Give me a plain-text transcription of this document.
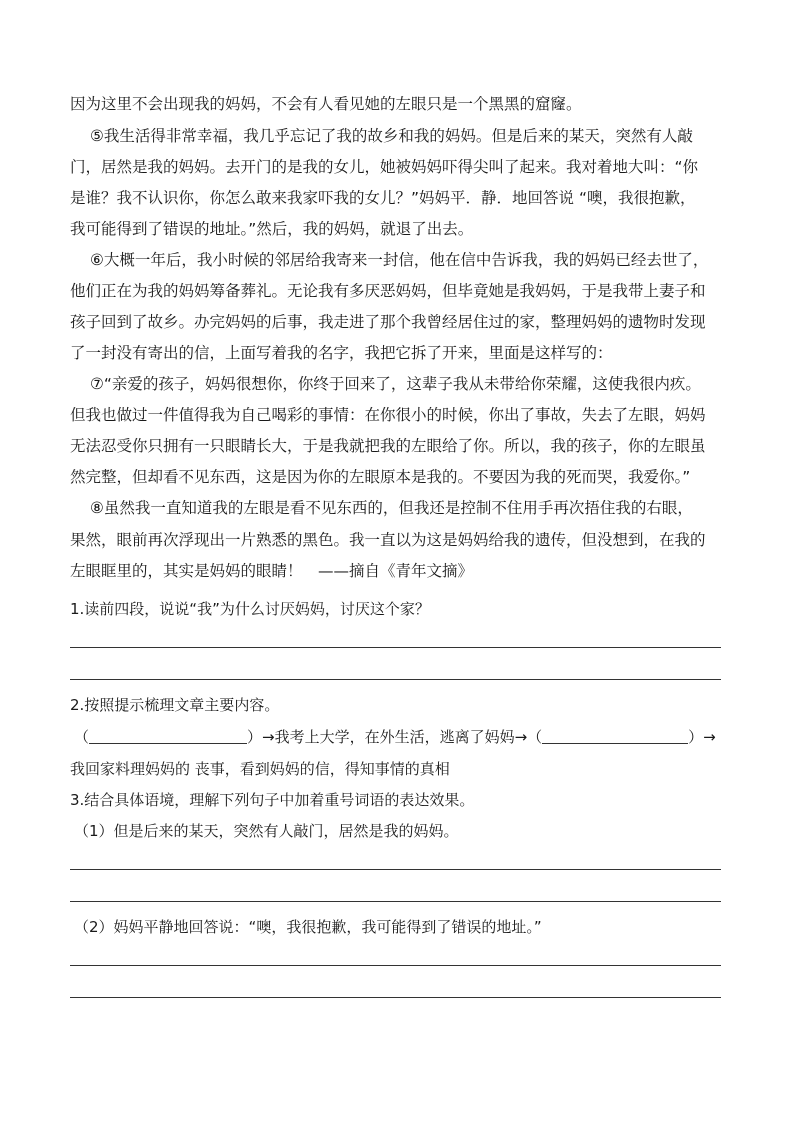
因为这里不会出现我的妈妈，不会有人看见她的左眼只是一个黑黑的窟窿。
⑤我生活得非常幸福，我几乎忘记了我的故乡和我的妈妈。但是后来的某天，突然有人敲
门，居然是我的妈妈。去开门的是我的女儿，她被妈妈吓得尖叫了起来。我对着地大叫：“你
是谁？我不认识你，你怎么敢来我家吓我的女儿？”妈妈平．静．地回答说 “噢，我很抱歉，
我可能得到了错误的地址。”然后，我的妈妈，就退了出去。
⑥大概一年后，我小时候的邻居给我寄来一封信，他在信中告诉我，我的妈妈已经去世了，
他们正在为我的妈妈筹备葬礼。无论我有多厌恶妈妈，但毕竟她是我妈妈，于是我带上妻子和
孩子回到了故乡。办完妈妈的后事，我走进了那个我曾经居住过的家，整理妈妈的遗物时发现
了一封没有寄出的信，上面写着我的名字，我把它拆了开来，里面是这样写的：
⑦“亲爱的孩子，妈妈很想你，你终于回来了，这辈子我从未带给你荣耀，这使我很内疚。
但我也做过一件值得我为自己喝彩的事情：在你很小的时候，你出了事故，失去了左眼，妈妈
无法忍受你只拥有一只眼睛长大，于是我就把我的左眼给了你。所以，我的孩子，你的左眼虽
然完整，但却看不见东西，这是因为你的左眼原本是我的。不要因为我的死而哭，我爱你。”
⑧虽然我一直知道我的左眼是看不见东西的，但我还是控制不住用手再次捂住我的右眼，
果然，眼前再次浮现出一片熟悉的黑色。我一直以为这是妈妈给我的遗传，但没想到，在我的
左眼眶里的，其实是妈妈的眼睛！　——摘自《青年文摘》
1.读前四段，说说“我”为什么讨厌妈妈，讨厌这个家？
2.按照提示梳理文章主要内容。
（	）→我考上大学，在外生活，逃离了妈妈→（	）→
我回家料理妈妈的 丧事，看到妈妈的信，得知事情的真相
3.结合具体语境，理解下列句子中加着重号词语的表达效果。
（1）但是后来的某天，突然有人敲门，居然是我的妈妈。
（2）妈妈平静地回答说：“噢，我很抱歉，我可能得到了错误的地址。”
